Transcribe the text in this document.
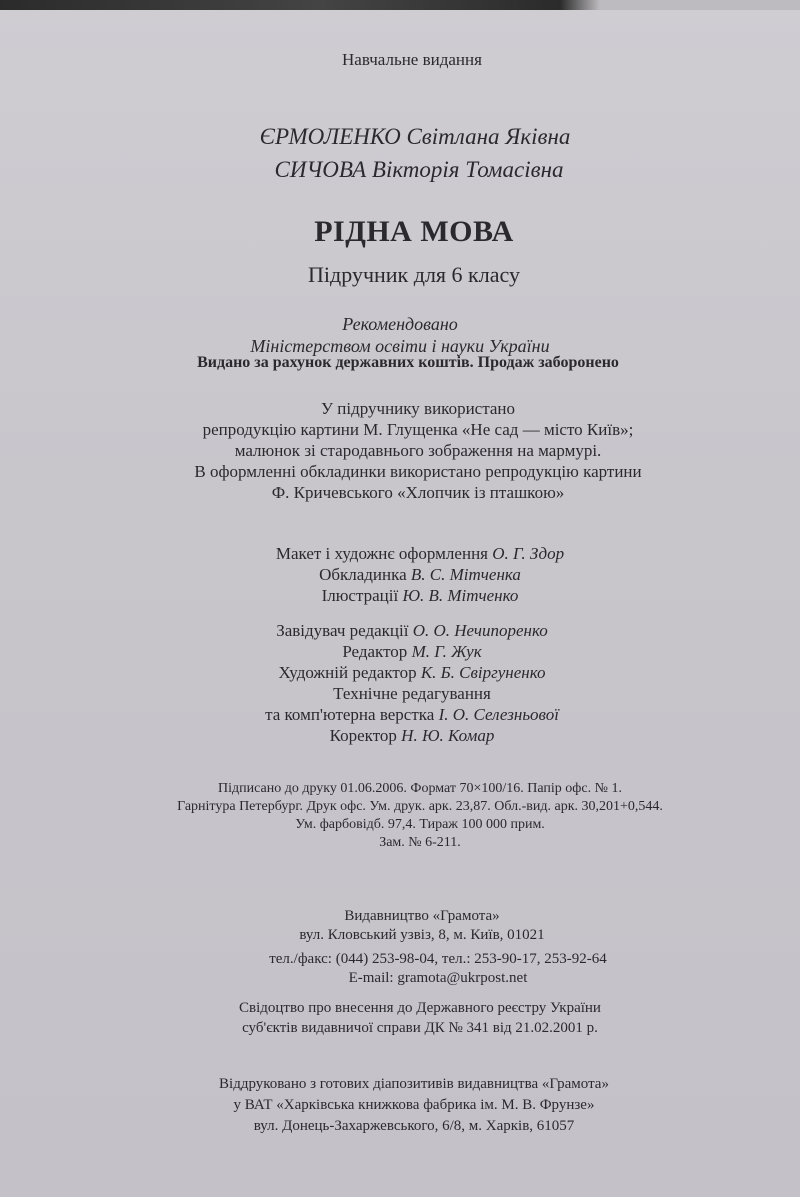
Навчальне видання
ЄРМОЛЕНКО Світлана Яківна
СИЧОВА Вікторія Томасівна
РІДНА МОВА
Підручник для 6 класу
Рекомендовано
Міністерством освіти і науки України
Видано за рахунок державних коштів. Продаж заборонено
У підручнику використано
репродукцію картини М. Глущенка «Не сад — місто Київ»;
малюнок зі стародавнього зображення на мармурі.
В оформленні обкладинки використано репродукцію картини
Ф. Кричевського «Хлопчик із пташкою»
Макет і художнє оформлення О. Г. Здор
Обкладинка В. С. Мітченка
Ілюстрації Ю. В. Мітченко
Завідувач редакції О. О. Нечипоренко
Редактор М. Г. Жук
Художній редактор К. Б. Свіргуненко
Технічне редагування
та комп'ютерна верстка І. О. Селезньової
Коректор Н. Ю. Комар
Підписано до друку 01.06.2006. Формат 70×100/16. Папір офс. № 1.
Гарнітура Петербург. Друк офс. Ум. друк. арк. 23,87. Обл.-вид. арк. 30,201+0,544.
Ум. фарбовідб. 97,4. Тираж 100 000 прим.
Зам. № 6-211.
Видавництво «Грамота»
вул. Кловський узвіз, 8, м. Київ, 01021
тел./факс: (044) 253-98-04, тел.: 253-90-17, 253-92-64
E-mail: gramota@ukrpost.net
Свідоцтво про внесення до Державного реєстру України
суб'єктів видавничої справи ДК № 341 від 21.02.2001 р.
Віддруковано з готових діапозитивів видавництва «Грамота»
у ВАТ «Харківська книжкова фабрика ім. М. В. Фрунзе»
вул. Донець-Захаржевського, 6/8, м. Харків, 61057
